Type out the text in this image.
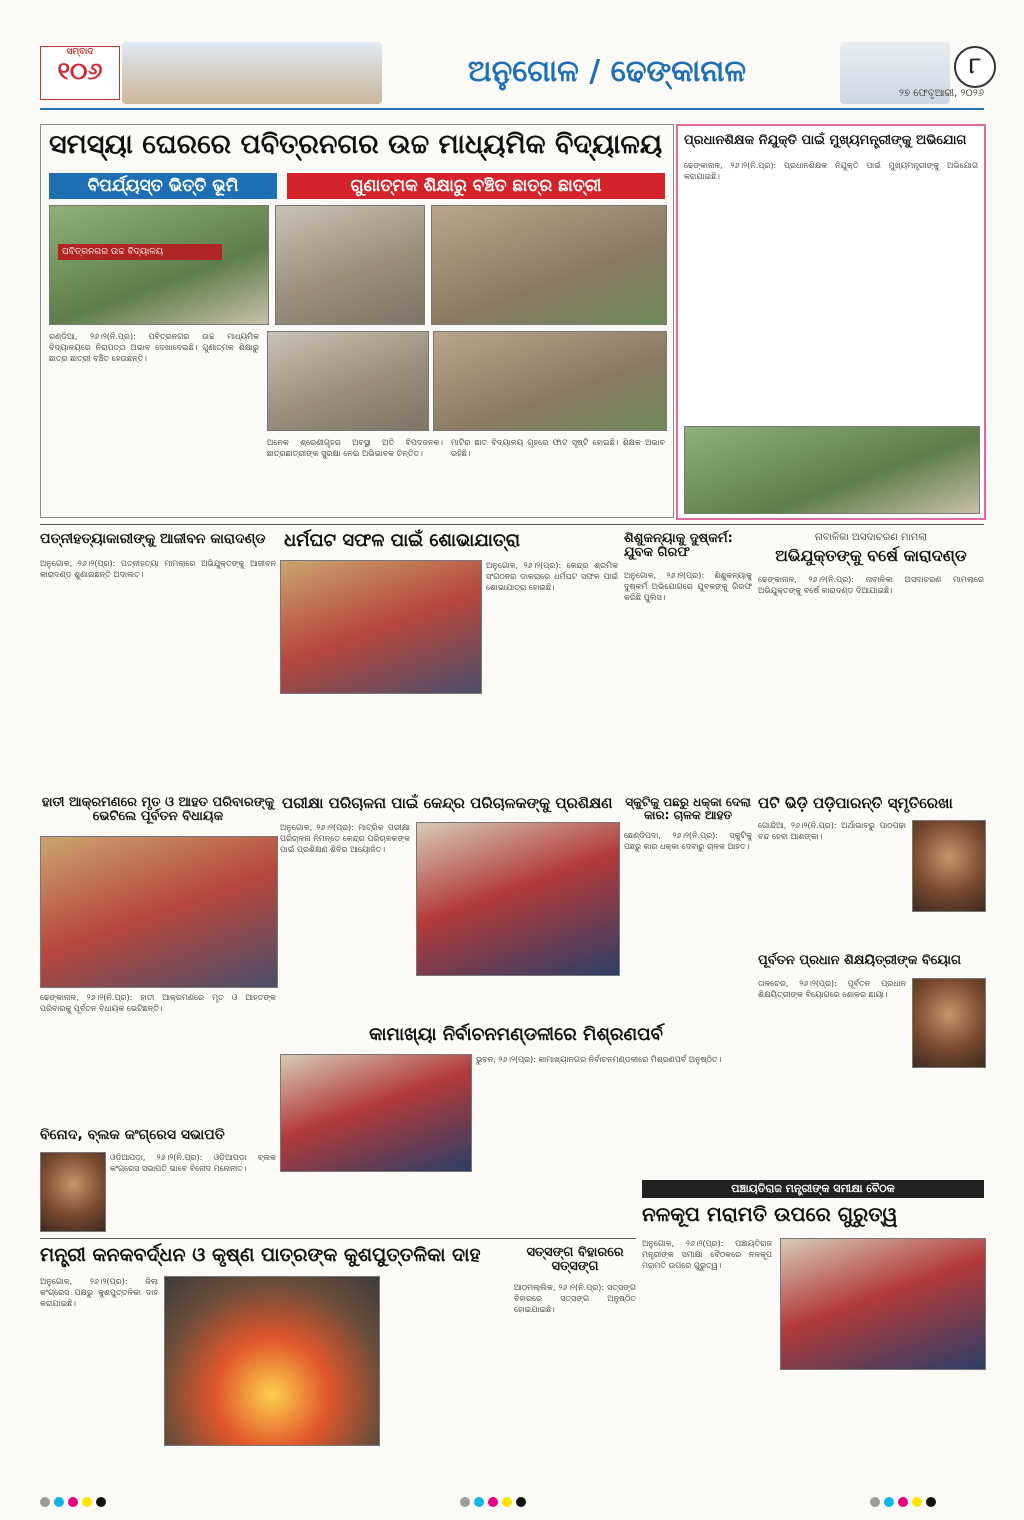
ସମ୍ବାଦ
୧୦୬	ଅନୁଗୋଳ / ଢେଙ୍କାନାଳ	୮
୨୭ ଫେବୃଆରୀ, ୨୦୨୬
ସମସ୍ୟା ଘେରରେ ପବିତ୍ରନଗର ଉଚ୍ଚ ମାଧ୍ୟମିକ ବିଦ୍ୟାଳୟ
ବିପର୍ଯ୍ୟସ୍ତ ଭିତ୍ତି ଭୂମି	ଗୁଣାତ୍ମକ ଶିକ୍ଷାରୁ ବଞ୍ଚିତ ଛାତ୍ର ଛାତ୍ରୀ
ପବିତ୍ରନଗର ଉଚ୍ଚ ବିଦ୍ୟାଳୟ
ରଣ୍ଡିଆ, ୨୬।୨(ନି.ପ୍ର): ପବିତ୍ରନଗର ଉଚ୍ଚ ମାଧ୍ୟମିକ ବିଦ୍ୟାଳୟରେ ନିରାପତ୍ତା ଅଭାବ ଦେଖାଦେଇଛି। ଗୁଣାତ୍ମକ ଶିକ୍ଷାରୁ ଛାତ୍ର ଛାତ୍ରୀ ବଞ୍ଚିତ ହେଉଛନ୍ତି।
ଅନେକ ଶ୍ରେଣୀଗୃହର ଅବସ୍ଥା ଅତି ବିପଦଜନକ। ଛାତ୍ରଛାତ୍ରୀଙ୍କ ସୁରକ୍ଷା ନେଇ ଅଭିଭାବକ ଚିନ୍ତିତ।
ମାଟିର ଛାତ ବିଦ୍ୟାଳୟ ଗୃହରେ ଫାଟ ସୃଷ୍ଟି ହୋଇଛି। ଶିକ୍ଷକ ଅଭାବ ରହିଛି।
ପ୍ରଧାନଶିକ୍ଷକ ନିଯୁକ୍ତି ପାଇଁ ମୁଖ୍ୟମନ୍ତ୍ରୀଙ୍କୁ ଅଭିଯୋଗ
ଢେଙ୍କାନାଳ, ୨୬।୨(ନି.ପ୍ର): ପ୍ରଧାନଶିକ୍ଷକ ନିଯୁକ୍ତି ପାଇଁ ମୁଖ୍ୟମନ୍ତ୍ରୀଙ୍କୁ ଅଭିଯୋଗ କରାଯାଇଛି।
ପତ୍ନୀହତ୍ୟାକାରୀଙ୍କୁ ଆଜୀବନ କାରାଦଣ୍ଡ
ଅନୁଗୋଳ, ୨୬।୨(ପ୍ର): ପତ୍ନୀହତ୍ୟା ମାମଲାରେ ଅଭିଯୁକ୍ତଙ୍କୁ ଆଜୀବନ କାରାଦଣ୍ଡ ଶୁଣାଇଛନ୍ତି ଅଦାଲତ।
ଧର୍ମଘଟ ସଫଳ ପାଇଁ ଶୋଭାଯାତ୍ରା
ଅନୁଗୋଳ, ୨୬।୨(ପ୍ର): କେନ୍ଦ୍ର ଶ୍ରମିକ ସଂଗଠନର ଡାକରାରେ ଧର୍ମଘଟ ସଫଳ ପାଇଁ ଶୋଭାଯାତ୍ରା ହୋଇଛି।
ଶିଶୁକନ୍ୟାକୁ ଦୁଷ୍କର୍ମ: ଯୁବକ ଗିରଫ
ଅନୁଗୋଳ, ୨୬।୨(ପ୍ର): ଶିଶୁକନ୍ୟାକୁ ଦୁଷ୍କର୍ମ ଅଭିଯୋଗରେ ଯୁବକଙ୍କୁ ଗିରଫ କରିଛି ପୁଲିସ।
ନାବାଳିକା ଅସଦାଚରଣ ମାମଲା
ଅଭିଯୁକ୍ତଙ୍କୁ ବର୍ଷେ କାରାଦଣ୍ଡ
ଢେଙ୍କାନାଳ, ୨୬।୨(ନି.ପ୍ର): ନାବାଳିକା ଅସଦାଚରଣ ମାମଲାରେ ଅଭିଯୁକ୍ତଙ୍କୁ ବର୍ଷେ କାରାଦଣ୍ଡ ଦିଆଯାଇଛି।
ହାତୀ ଆକ୍ରମଣରେ ମୃତ ଓ ଆହତ ପରିବାରଙ୍କୁ ଭେଟିଲେ ପୂର୍ବତନ ବିଧାୟକ
ଢେଙ୍କାନାଳ, ୨୬।୨(ନି.ପ୍ର): ହାତୀ ଆକ୍ରମଣରେ ମୃତ ଓ ଆହତଙ୍କ ପରିବାରକୁ ପୂର୍ବତନ ବିଧାୟକ ଭେଟିଛନ୍ତି।
ପରୀକ୍ଷା ପରିଚାଳନା ପାଇଁ କେନ୍ଦ୍ର ପରିଚାଳକଙ୍କୁ ପ୍ରଶିକ୍ଷଣ
ଅନୁଗୋଳ, ୨୬।୨(ପ୍ର): ମାଟ୍ରିକ ପରୀକ୍ଷା ପରିଚାଳନା ନିମନ୍ତେ କେନ୍ଦ୍ର ପରିଚାଳକଙ୍କ ପାଇଁ ପ୍ରଶିକ୍ଷଣ ଶିବିର ଆୟୋଜିତ।
ସ୍କୁଟିକୁ ପଛରୁ ଧକ୍କା ଦେଲା କାର: ଚାଳକ ଆହତ
ଛେଣ୍ଡିପଦା, ୨୬।୨(ନି.ପ୍ର): ସ୍କୁଟିକୁ ପଛରୁ କାର ଧକ୍କା ଦେବାରୁ ଚାଳକ ଆହତ।
ପଟି ଭିଡ଼ି ପଡ଼ିପାରନ୍ତି ସ୍ମୃତିରେଖା
ଗୋନ୍ଦିଆ, ୨୬।୨(ନି.ପ୍ର): ଅର୍ଥାଭାବରୁ ପାଠପଢ଼ା ବନ୍ଦ ହେବା ଆଶଙ୍କା।
ପୂର୍ବତନ ପ୍ରଧାନ ଶିକ୍ଷୟିତ୍ରୀଙ୍କ ବିୟୋଗ
ତାଳଚେର, ୨୬।୨(ପ୍ର): ପୂର୍ବତନ ପ୍ରଧାନ ଶିକ୍ଷୟିତ୍ରୀଙ୍କ ବିୟୋଗରେ ଶୋକର ଛାୟା।
କାମାଖ୍ୟା ନିର୍ବାଚନମଣ୍ଡଳୀରେ ମିଶ୍ରଣପର୍ବ
ଭୁବନ, ୨୬।୨(ପ୍ର): କାମାଖ୍ୟାନଗର ନିର୍ବାଚନମଣ୍ଡଳୀରେ ମିଶ୍ରଣପର୍ବ ଅନୁଷ୍ଠିତ।
ବିନୋଦ, ବ୍ଲକ କଂଗ୍ରେସ ସଭାପତି
ଓଡ଼ିଆପଡ଼ା, ୨୬।୨(ନି.ପ୍ର): ଓଡ଼ିଆପଡ଼ା ବ୍ଲକ କଂଗ୍ରେସ ସଭାପତି ଭାବେ ବିନୋଦ ମନୋନୀତ।
ପଞ୍ଚାୟତିରାଜ ମନ୍ତ୍ରୀଙ୍କ ସମୀକ୍ଷା ବୈଠକ
ନଳକୂପ ମରାମତି ଉପରେ ଗୁରୁତ୍ୱ
ଅନୁଗୋଳ, ୨୬।୨(ପ୍ର): ପଞ୍ଚାୟତିରାଜ ମନ୍ତ୍ରୀଙ୍କ ସମୀକ୍ଷା ବୈଠକରେ ନଳକୂପ ମରାମତି ଉପରେ ଗୁରୁତ୍ୱ।
ମନ୍ତ୍ରୀ କନକବର୍ଦ୍ଧନ ଓ କୃଷ୍ଣ ପାତ୍ରଙ୍କ କୁଶପୁତ୍ତଳିକା ଦାହ
ଅନୁଗୋଳ, ୨୬।୨(ପ୍ର): ଜିଲା କଂଗ୍ରେସ ପକ୍ଷରୁ କୁଶପୁତ୍ତଳିକା ଦାହ କରାଯାଇଛି।
ସତ୍‌ସଙ୍ଗ ବିହାରରେ ସତ୍‌ସଙ୍ଗ
ଆଠମଲ୍ଲିକ, ୨୬।୨(ନି.ପ୍ର): ସତ୍‌ସଙ୍ଗ ବିହାରରେ ସତ୍‌ସଙ୍ଗ ଅନୁଷ୍ଠିତ ହୋଇଯାଇଛି।
